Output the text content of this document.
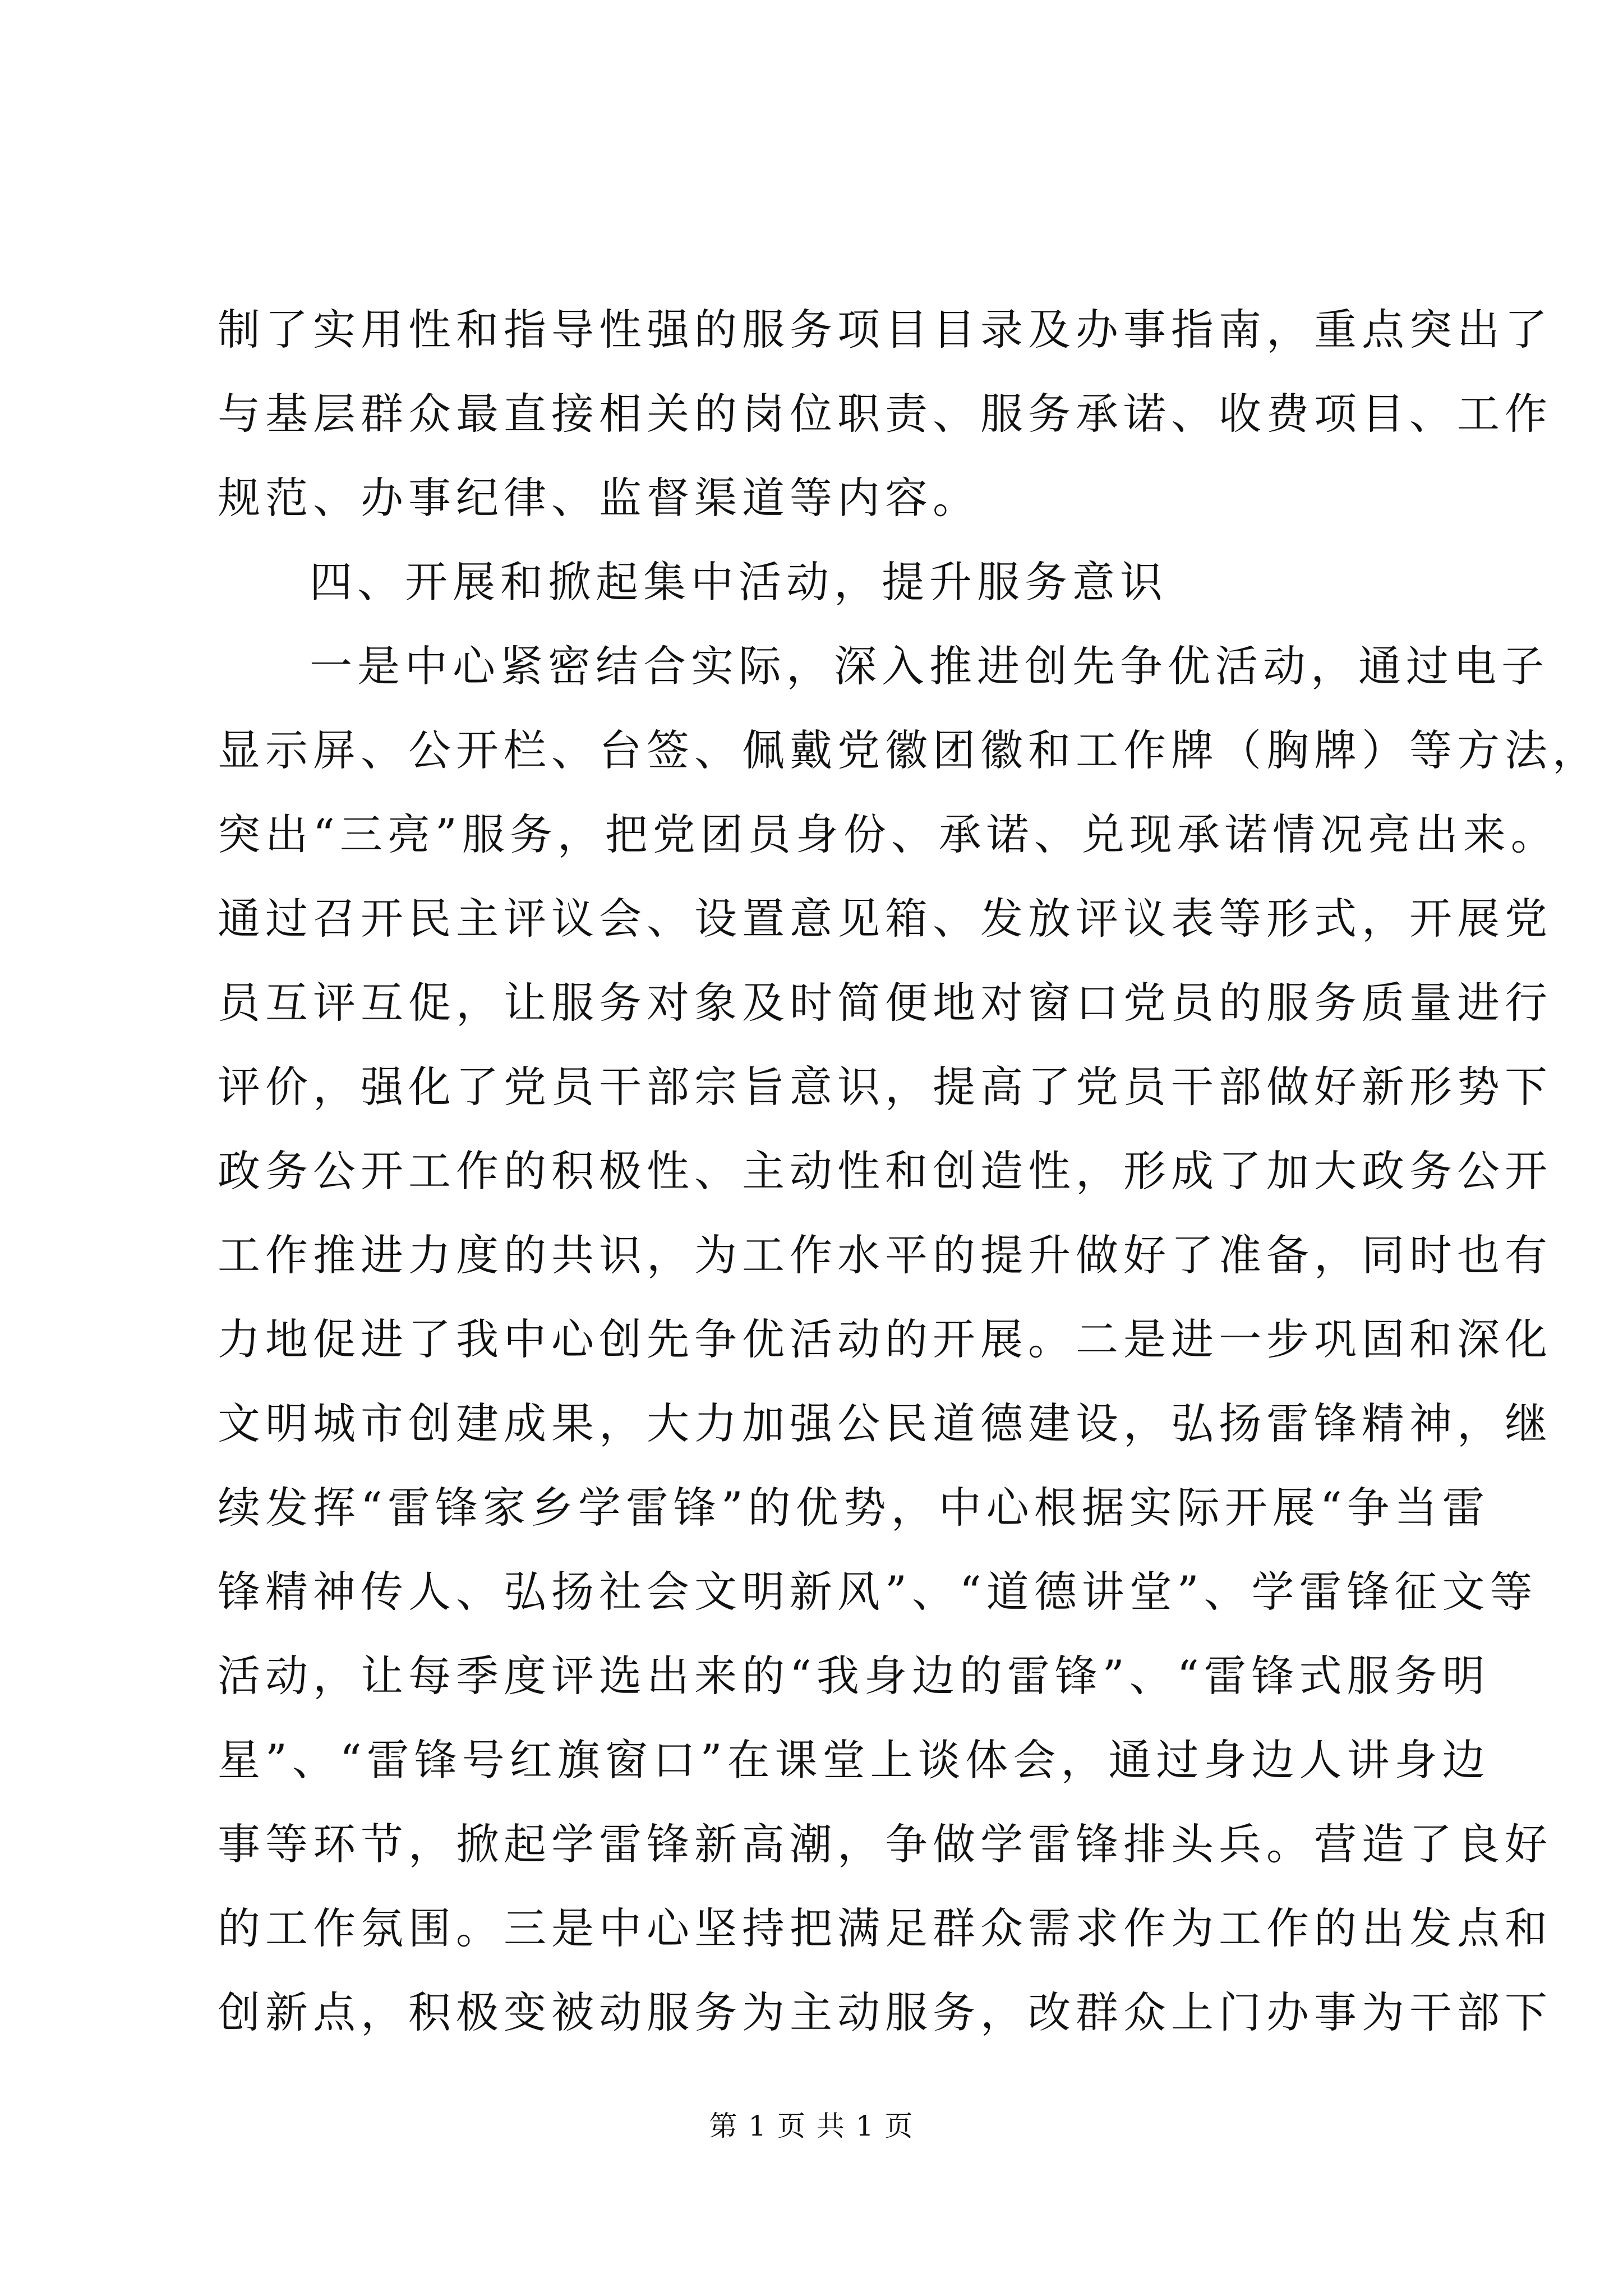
制了实用性和指导性强的服务项目目录及办事指南，重点突出了
与基层群众最直接相关的岗位职责、服务承诺、收费项目、工作
规范、办事纪律、监督渠道等内容。
四、开展和掀起集中活动，提升服务意识
一是中心紧密结合实际，深入推进创先争优活动，通过电子
显示屏、公开栏、台签、佩戴党徽团徽和工作牌（胸牌）等方法，
突出“三亮”服务，把党团员身份、承诺、兑现承诺情况亮出来。
通过召开民主评议会、设置意见箱、发放评议表等形式，开展党
员互评互促，让服务对象及时简便地对窗口党员的服务质量进行
评价，强化了党员干部宗旨意识，提高了党员干部做好新形势下
政务公开工作的积极性、主动性和创造性，形成了加大政务公开
工作推进力度的共识，为工作水平的提升做好了准备，同时也有
力地促进了我中心创先争优活动的开展。二是进一步巩固和深化
文明城市创建成果，大力加强公民道德建设，弘扬雷锋精神，继
续发挥“雷锋家乡学雷锋”的优势，中心根据实际开展“争当雷
锋精神传人、弘扬社会文明新风”、“道德讲堂”、学雷锋征文等
活动，让每季度评选出来的“我身边的雷锋”、“雷锋式服务明
星”、“雷锋号红旗窗口”在课堂上谈体会，通过身边人讲身边
事等环节，掀起学雷锋新高潮，争做学雷锋排头兵。营造了良好
的工作氛围。三是中心坚持把满足群众需求作为工作的出发点和
创新点，积极变被动服务为主动服务，改群众上门办事为干部下
第 1 页 共 1 页
